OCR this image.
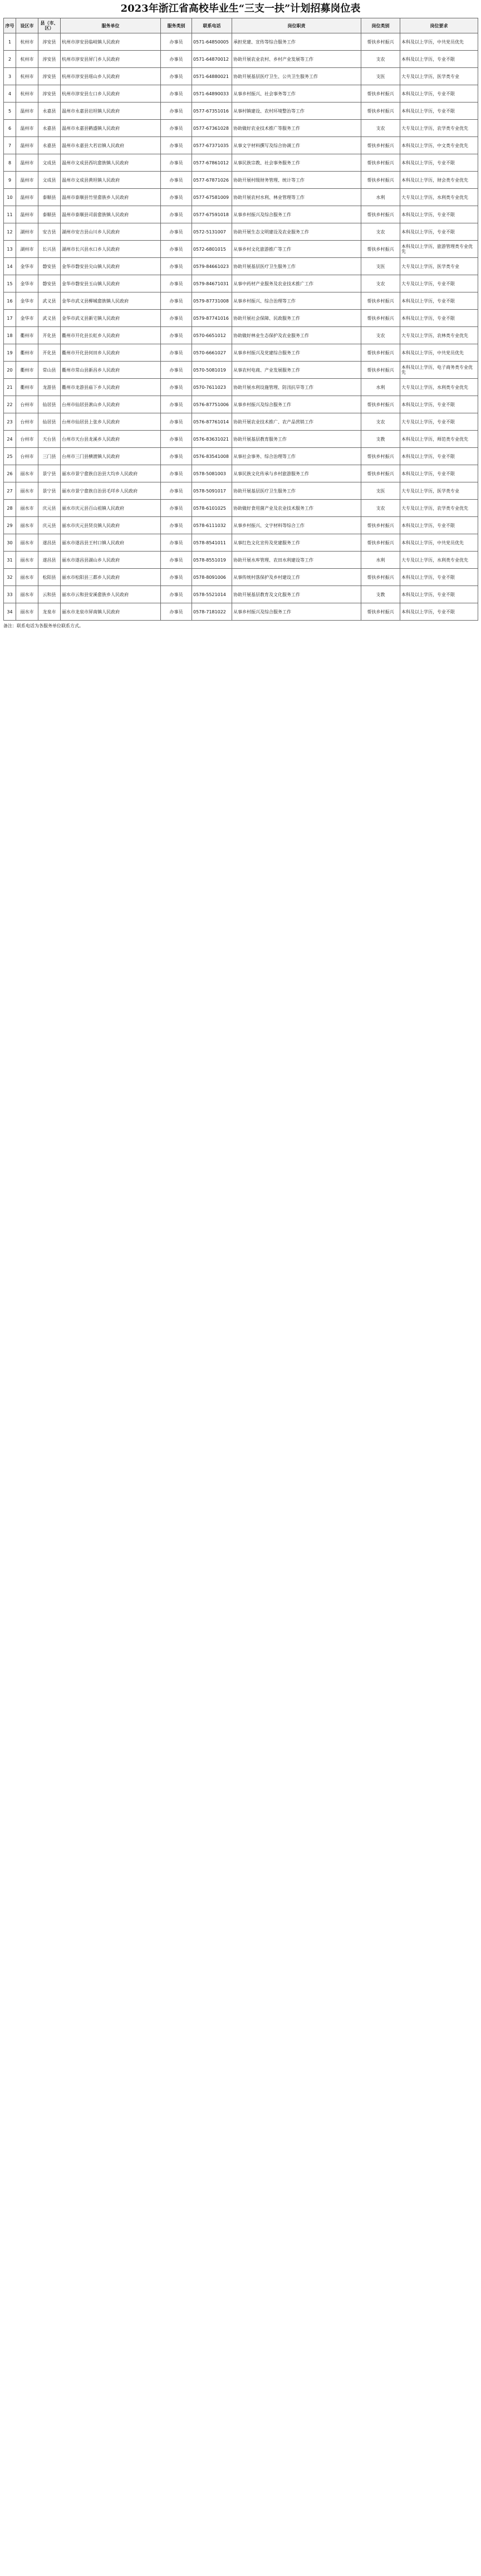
2023年浙江省高校毕业生“三支一扶”计划招募岗位表
序号	设区市	县（市、区）	服务单位	服务类别	联系电话	岗位职责	岗位类别	岗位要求
1	杭州市	淳安县	杭州市淳安县临岐镇人民政府	办事员	0571-64850005	承担党建、宣传等综合服务工作	帮扶乡村振兴	本科及以上学历，中共党员优先
2	杭州市	淳安县	杭州市淳安县屏门乡人民政府	办事员	0571-64870012	协助开展农业农村、乡村产业发展等工作	支农	本科及以上学历，专业不限
3	杭州市	淳安县	杭州市淳安县瑶山乡人民政府	办事员	0571-64880021	协助开展基层医疗卫生、公共卫生服务工作	支医	大专及以上学历，医学类专业
4	杭州市	淳安县	杭州市淳安县左口乡人民政府	办事员	0571-64890033	从事乡村振兴、社会事务等工作	帮扶乡村振兴	本科及以上学历，专业不限
5	温州市	永嘉县	温州市永嘉县岩坦镇人民政府	办事员	0577-67351016	从事村镇建设、农村环境整治等工作	帮扶乡村振兴	本科及以上学历，专业不限
6	温州市	永嘉县	温州市永嘉县鹤盛镇人民政府	办事员	0577-67361028	协助做好农业技术推广等服务工作	支农	大专及以上学历，农学类专业优先
7	温州市	永嘉县	温州市永嘉县大若岩镇人民政府	办事员	0577-67371035	从事文字材料撰写及综合协调工作	帮扶乡村振兴	本科及以上学历，中文类专业优先
8	温州市	文成县	温州市文成县西坑畲族镇人民政府	办事员	0577-67861012	从事民族宗教、社会事务服务工作	帮扶乡村振兴	本科及以上学历，专业不限
9	温州市	文成县	温州市文成县黄坦镇人民政府	办事员	0577-67871026	协助开展村级财务管理、统计等工作	帮扶乡村振兴	本科及以上学历，财会类专业优先
10	温州市	泰顺县	温州市泰顺县竹里畲族乡人民政府	办事员	0577-67581009	协助开展农村水利、林业管理等工作	水利	大专及以上学历，水利类专业优先
11	温州市	泰顺县	温州市泰顺县司前畲族镇人民政府	办事员	0577-67591018	从事乡村振兴及综合服务工作	帮扶乡村振兴	本科及以上学历，专业不限
12	湖州市	安吉县	湖州市安吉县山川乡人民政府	办事员	0572-5131007	协助开展生态文明建设及农业服务工作	支农	本科及以上学历，专业不限
13	湖州市	长兴县	湖州市长兴县水口乡人民政府	办事员	0572-6801015	从事乡村文化旅游推广等工作	帮扶乡村振兴	本科及以上学历，旅游管理类专业优先
14	金华市	磐安县	金华市磐安县尖山镇人民政府	办事员	0579-84661023	协助开展基层医疗卫生服务工作	支医	大专及以上学历，医学类专业
15	金华市	磐安县	金华市磐安县玉山镇人民政府	办事员	0579-84671031	从事中药材产业服务及农业技术推广工作	支农	大专及以上学历，专业不限
16	金华市	武义县	金华市武义县柳城畲族镇人民政府	办事员	0579-87731008	从事乡村振兴、综合治理等工作	帮扶乡村振兴	本科及以上学历，专业不限
17	金华市	武义县	金华市武义县新宅镇人民政府	办事员	0579-87741016	协助开展社会保障、民政服务工作	帮扶乡村振兴	本科及以上学历，专业不限
18	衢州市	开化县	衢州市开化县长虹乡人民政府	办事员	0570-6651012	协助做好林业生态保护及农业服务工作	支农	大专及以上学历，农林类专业优先
19	衢州市	开化县	衢州市开化县何田乡人民政府	办事员	0570-6661027	从事乡村振兴及党建综合服务工作	帮扶乡村振兴	本科及以上学历，中共党员优先
20	衢州市	常山县	衢州市常山县新昌乡人民政府	办事员	0570-5081019	从事农村电商、产业发展服务工作	帮扶乡村振兴	本科及以上学历，电子商务类专业优先
21	衢州市	龙游县	衢州市龙游县庙下乡人民政府	办事员	0570-7611023	协助开展水利设施管理、防汛抗旱等工作	水利	大专及以上学历，水利类专业优先
22	台州市	仙居县	台州市仙居县湫山乡人民政府	办事员	0576-87751006	从事乡村振兴及综合服务工作	帮扶乡村振兴	本科及以上学历，专业不限
23	台州市	仙居县	台州市仙居县上张乡人民政府	办事员	0576-87761014	协助开展农业技术推广、农产品营销工作	支农	大专及以上学历，专业不限
24	台州市	天台县	台州市天台县龙溪乡人民政府	办事员	0576-83631021	协助开展基层教育服务工作	支教	本科及以上学历，师范类专业优先
25	台州市	三门县	台州市三门县横渡镇人民政府	办事员	0576-83541008	从事社会事务、综合治理等工作	帮扶乡村振兴	本科及以上学历，专业不限
26	丽水市	景宁县	丽水市景宁畲族自治县大均乡人民政府	办事员	0578-5081003	从事民族文化传承与乡村旅游服务工作	帮扶乡村振兴	本科及以上学历，专业不限
27	丽水市	景宁县	丽水市景宁畲族自治县毛垟乡人民政府	办事员	0578-5091017	协助开展基层医疗卫生服务工作	支医	大专及以上学历，医学类专业
28	丽水市	庆元县	丽水市庆元县百山祖镇人民政府	办事员	0578-6101025	协助做好食用菌产业及农业技术服务工作	支农	大专及以上学历，农学类专业优先
29	丽水市	庆元县	丽水市庆元县贤良镇人民政府	办事员	0578-6111032	从事乡村振兴、文字材料等综合工作	帮扶乡村振兴	本科及以上学历，专业不限
30	丽水市	遂昌县	丽水市遂昌县王村口镇人民政府	办事员	0578-8541011	从事红色文化宣传及党建服务工作	帮扶乡村振兴	本科及以上学历，中共党员优先
31	丽水市	遂昌县	丽水市遂昌县湖山乡人民政府	办事员	0578-8551019	协助开展水库管理、农田水利建设等工作	水利	大专及以上学历，水利类专业优先
32	丽水市	松阳县	丽水市松阳县三都乡人民政府	办事员	0578-8091006	从事传统村落保护及乡村建设工作	帮扶乡村振兴	本科及以上学历，专业不限
33	丽水市	云和县	丽水市云和县安溪畲族乡人民政府	办事员	0578-5521014	协助开展基层教育及文化服务工作	支教	本科及以上学历，专业不限
34	丽水市	龙泉市	丽水市龙泉市屏南镇人民政府	办事员	0578-7181022	从事乡村振兴及综合服务工作	帮扶乡村振兴	本科及以上学历，专业不限
备注：联系电话为各服务单位联系方式。
